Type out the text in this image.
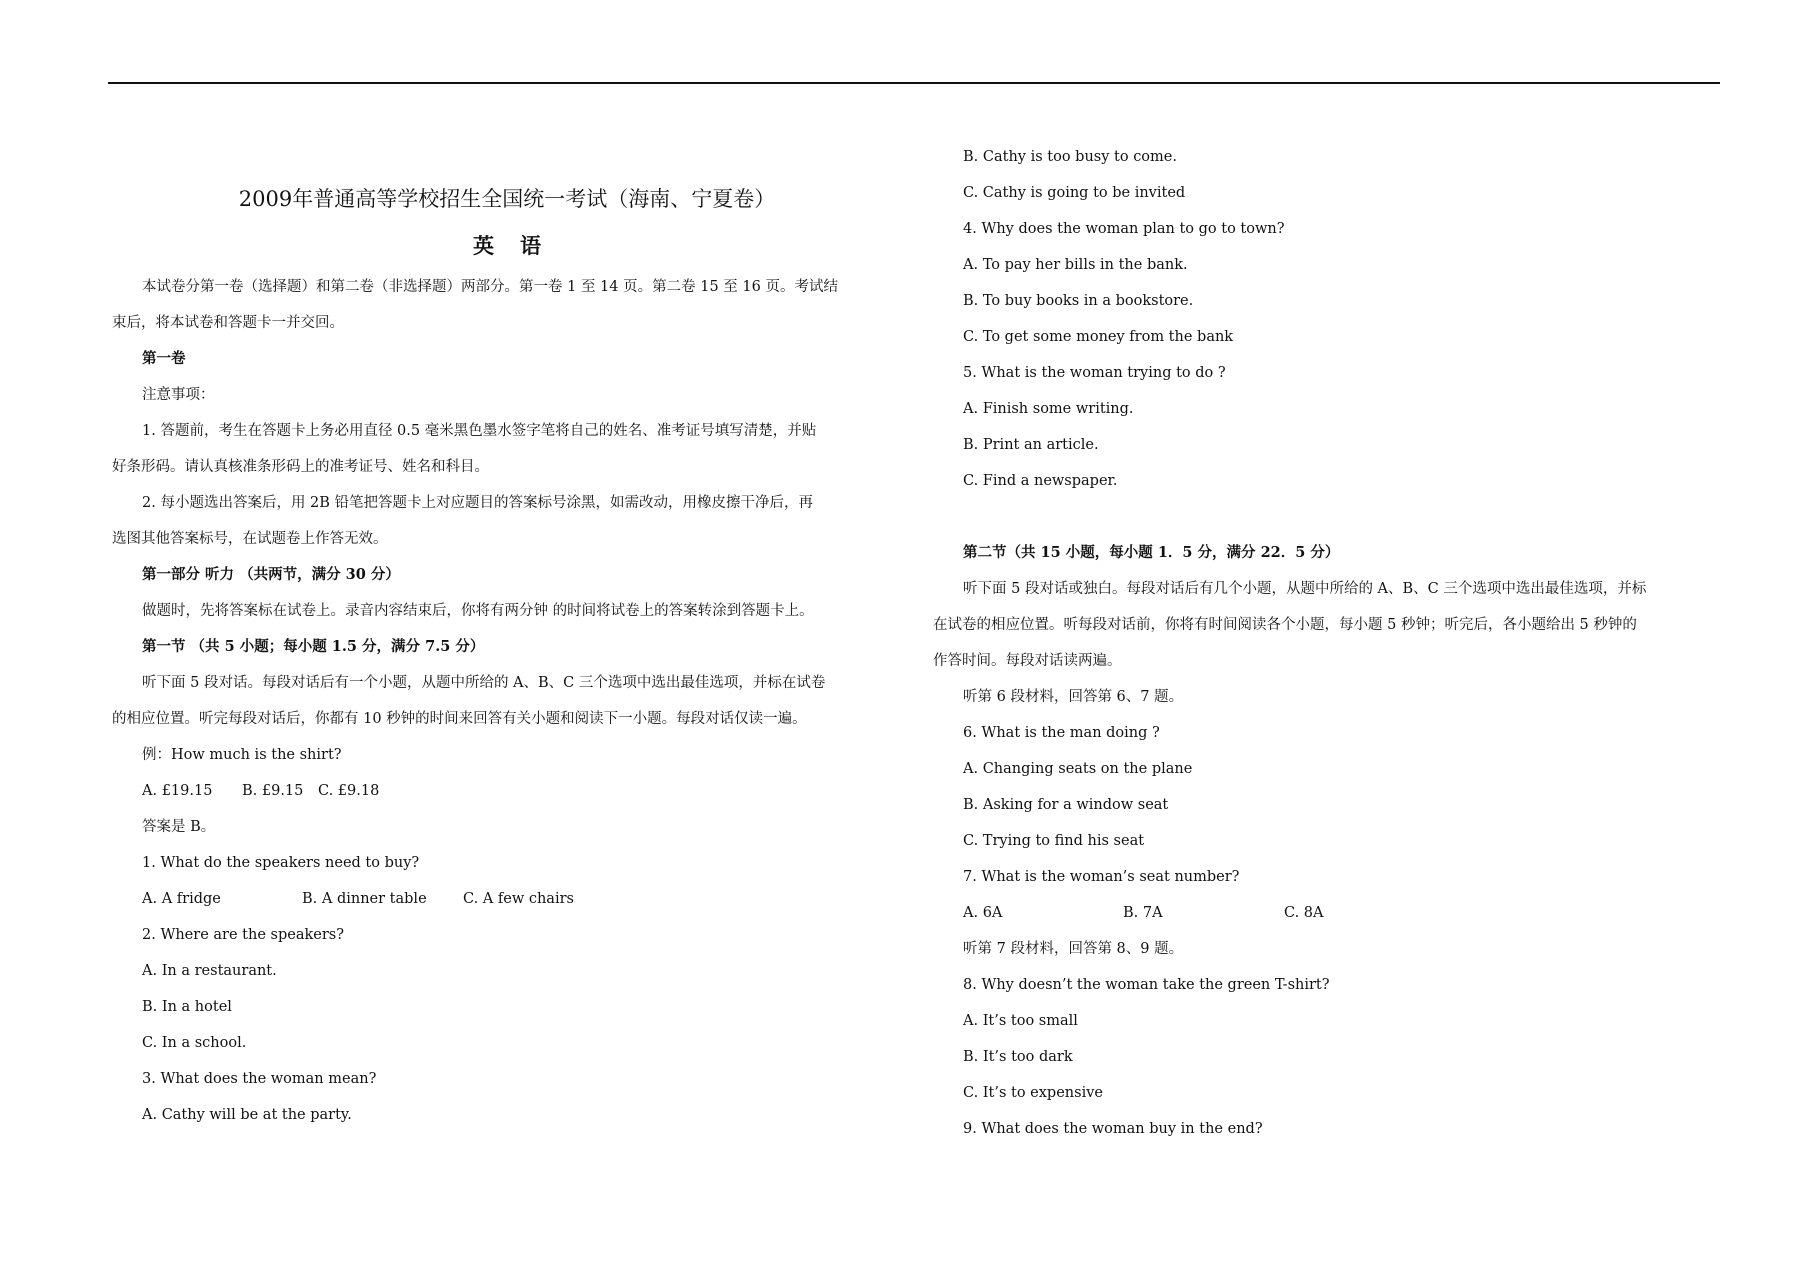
2009年普通高等学校招生全国统一考试（海南、宁夏卷）
英语
本试卷分第一卷（选择题）和第二卷（非选择题）两部分。第一卷 1 至 14 页。第二卷 15 至 16 页。考试结
束后，将本试卷和答题卡一并交回。
第一卷
注意事项：
1. 答题前，考生在答题卡上务必用直径 0.5 毫米黑色墨水签字笔将自己的姓名、准考证号填写清楚，并贴
好条形码。请认真核准条形码上的准考证号、姓名和科目。
2. 每小题选出答案后，用 2B 铅笔把答题卡上对应题目的答案标号涂黑，如需改动，用橡皮擦干净后，再
选图其他答案标号，在试题卷上作答无效。
第一部分 听力 （共两节，满分 30 分）
做题时，先将答案标在试卷上。录音内容结束后，你将有两分钟 的时间将试卷上的答案转涂到答题卡上。
第一节 （共 5 小题；每小题 1.5 分，满分 7.5 分）
听下面 5 段对话。每段对话后有一个小题，从题中所给的 A、B、C 三个选项中选出最佳选项，并标在试卷
的相应位置。听完每段对话后，你都有 10 秒钟的时间来回答有关小题和阅读下一小题。每段对话仅读一遍。
例：How much is the shirt?
A. £19.15 B. £9.15 C. £9.18
答案是 B。
1. What do the speakers need to buy?
A. A fridge	B. A dinner table	C. A few chairs
2. Where are the speakers?
A. In a restaurant.
B. In a hotel
C. In a school.
3. What does the woman mean?
A. Cathy will be at the party.
B. Cathy is too busy to come.
C. Cathy is going to be invited
4. Why does the woman plan to go to town?
A. To pay her bills in the bank.
B. To buy books in a bookstore.
C. To get some money from the bank
5. What is the woman trying to do ?
A. Finish some writing.
B. Print an article.
C. Find a newspaper.
第二节（共 15 小题，每小题 1．5 分，满分 22．5 分）
听下面 5 段对话或独白。每段对话后有几个小题，从题中所给的 A、B、C 三个选项中选出最佳选项，并标
在试卷的相应位置。听每段对话前，你将有时间阅读各个小题，每小题 5 秒钟；听完后，各小题给出 5 秒钟的
作答时间。每段对话读两遍。
听第 6 段材料，回答第 6、7 题。
6. What is the man doing ?
A. Changing seats on the plane
B. Asking for a window seat
C. Trying to find his seat
7. What is the woman’s seat number?
A. 6A	B. 7A	C. 8A
听第 7 段材料，回答第 8、9 题。
8. Why doesn’t the woman take the green T-shirt?
A. It’s too small
B. It’s too dark
C. It’s to expensive
9. What does the woman buy in the end?
